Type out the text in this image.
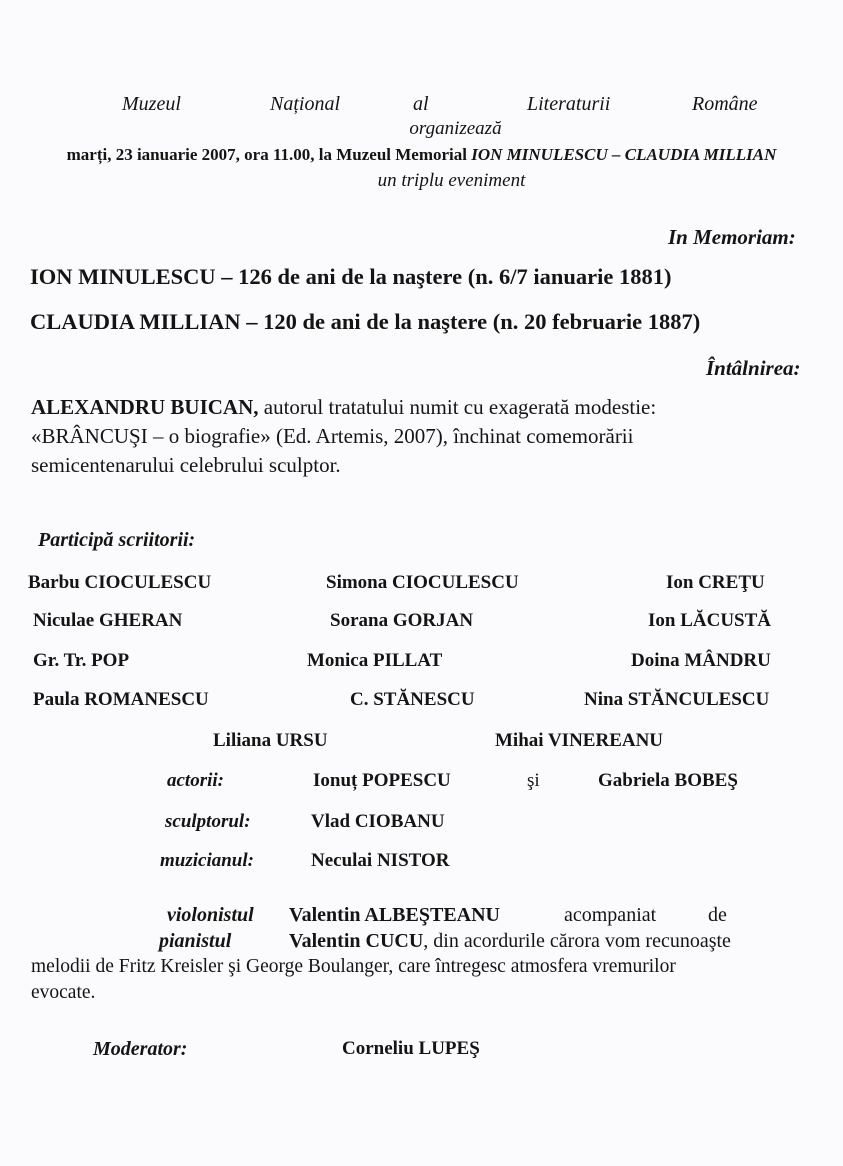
Muzeul	Național	al	Literaturii	Române
organizează
marți, 23 ianuarie 2007, ora 11.00, la Muzeul Memorial ION MINULESCU – CLAUDIA MILLIAN
un triplu eveniment
In Memoriam:
ION MINULESCU – 126 de ani de la naştere (n. 6/7 ianuarie 1881)
CLAUDIA MILLIAN – 120 de ani de la naştere (n. 20 februarie 1887)
Întâlnirea:
ALEXANDRU BUICAN, autorul tratatului numit cu exagerată modestie:
«BRÂNCUŞI – o biografie» (Ed. Artemis, 2007), închinat comemorării
semicentenarului celebrului sculptor.
Participă scriitorii:
Barbu CIOCULESCU	Simona CIOCULESCU	Ion CREŢU
Niculae GHERAN	Sorana GORJAN	Ion LĂCUSTĂ
Gr. Tr. POP	Monica PILLAT	Doina MÂNDRU
Paula ROMANESCU	C. STĂNESCU	Nina STĂNCULESCU
Liliana URSU	Mihai VINEREANU
actorii:	Ionuț POPESCU	şi	Gabriela BOBEŞ
sculptorul:	Vlad CIOBANU
muzicianul:	Neculai NISTOR
violonistul Valentin ALBEŞTEANU	acompaniat	de
pianistul	Valentin CUCU, din acordurile cărora vom recunoaşte
melodii de Fritz Kreisler şi George Boulanger, care întregesc atmosfera vremurilor
evocate.
Moderator:	Corneliu LUPEŞ
